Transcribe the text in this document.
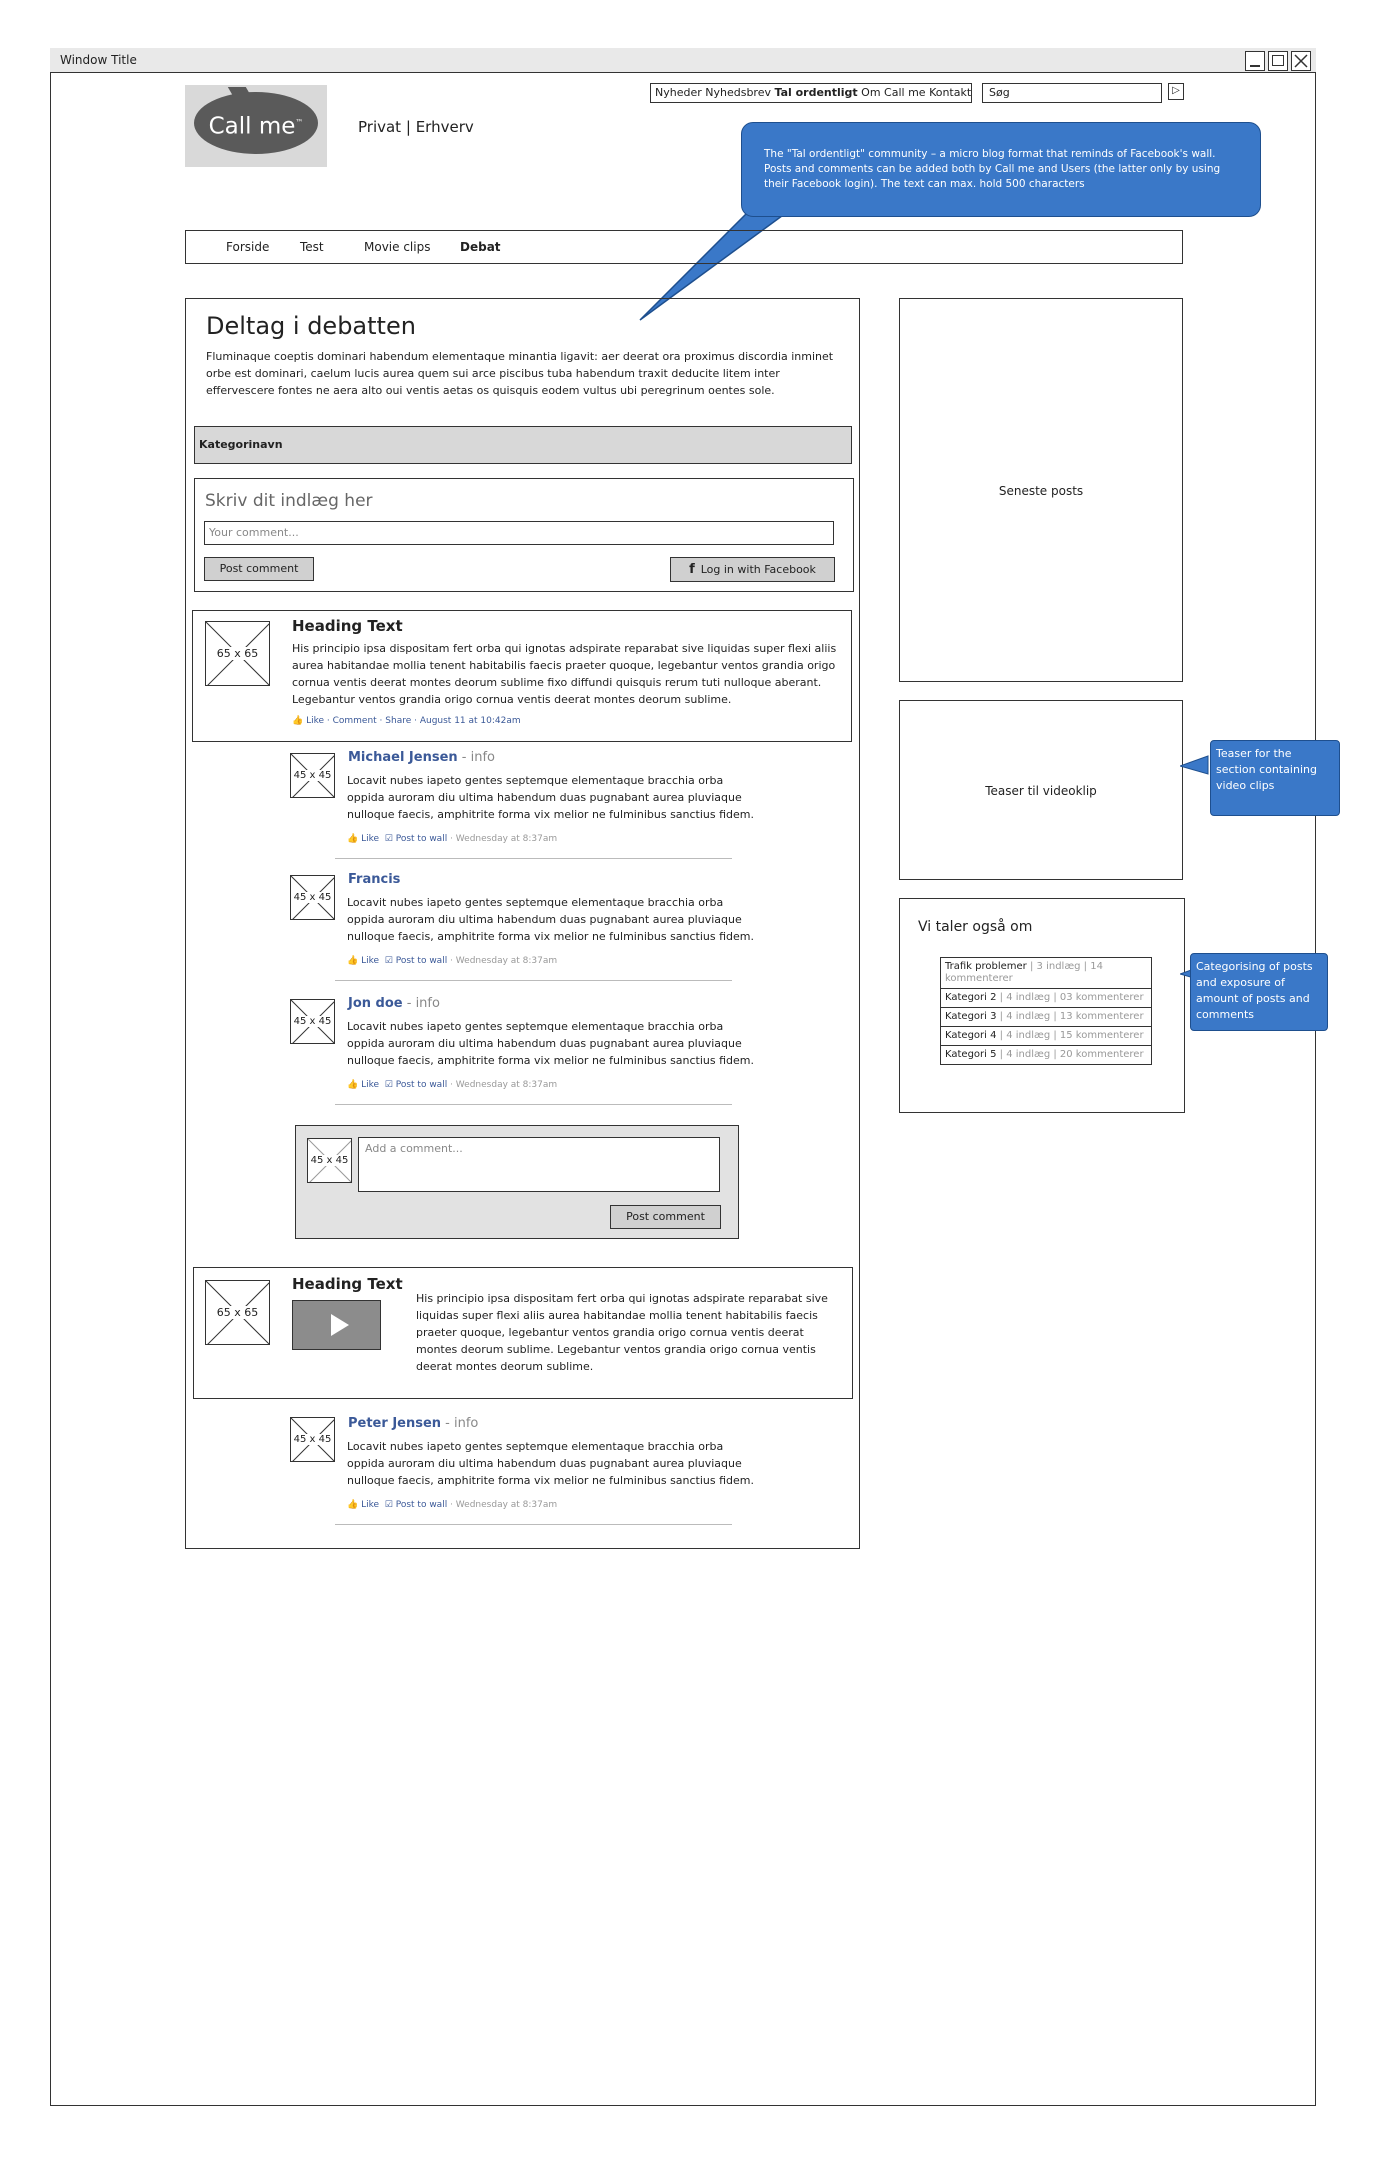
Window Title
Call me™	Privat | Erhverv
Nyheder Nyhedsbrev Tal ordentligt Om Call me Kontakt	Søg	▷
The "Tal ordentligt" community – a micro blog format that reminds of Facebook's wall. Posts and comments can be added both by Call me and Users (the latter only by using their Facebook login). The text can max. hold 500 characters
Forside	Test	Movie clips Debat
Deltag i debatten
Fluminaque coeptis dominari habendum elementaque minantia ligavit: aer deerat ora proximus discordia inminet orbe est dominari, caelum lucis aurea quem sui arce piscibus tuba habendum traxit deducite litem inter effervescere fontes ne aera alto oui ventis aetas os quisquis eodem vultus ubi peregrinum oentes sole.
Kategorinavn
Skriv dit indlæg her
Your comment...
Post comment	f Log in with Facebook
65 x 65
Heading Text
His principio ipsa dispositam fert orba qui ignotas adspirate reparabat sive liquidas super flexi aliis aurea habitandae mollia tenent habitabilis faecis praeter quoque, legebantur ventos grandia origo cornua ventis deerat montes deorum sublime fixo diffundi quisquis rerum tuti nulloque aberant. Legebantur ventos grandia origo cornua ventis deerat montes deorum sublime.
👍 Like · Comment · Share · August 11 at 10:42am
45 x 45
Michael Jensen - info
Locavit nubes iapeto gentes septemque elementaque bracchia orba oppida auroram diu ultima habendum duas pugnabant aurea pluviaque nulloque faecis, amphitrite forma vix melior ne fulminibus sanctius fidem.
👍 Like ☑ Post to wall · Wednesday at 8:37am
45 x 45
Francis
Locavit nubes iapeto gentes septemque elementaque bracchia orba oppida auroram diu ultima habendum duas pugnabant aurea pluviaque nulloque faecis, amphitrite forma vix melior ne fulminibus sanctius fidem.
👍 Like ☑ Post to wall · Wednesday at 8:37am
45 x 45
Jon doe - info
Locavit nubes iapeto gentes septemque elementaque bracchia orba oppida auroram diu ultima habendum duas pugnabant aurea pluviaque nulloque faecis, amphitrite forma vix melior ne fulminibus sanctius fidem.
👍 Like ☑ Post to wall · Wednesday at 8:37am
45 x 45
Add a comment...
Post comment
65 x 65
Heading Text
His principio ipsa dispositam fert orba qui ignotas adspirate reparabat sive liquidas super flexi aliis aurea habitandae mollia tenent habitabilis faecis praeter quoque, legebantur ventos grandia origo cornua ventis deerat montes deorum sublime. Legebantur ventos grandia origo cornua ventis deerat montes deorum sublime.
45 x 45
Peter Jensen - info
Locavit nubes iapeto gentes septemque elementaque bracchia orba oppida auroram diu ultima habendum duas pugnabant aurea pluviaque nulloque faecis, amphitrite forma vix melior ne fulminibus sanctius fidem.
👍 Like ☑ Post to wall · Wednesday at 8:37am
Seneste posts
Teaser til videoklip
Vi taler også om
Trafik problemer | 3 indlæg | 14 kommenterer
Kategori 2 | 4 indlæg | 03 kommenterer
Kategori 3 | 4 indlæg | 13 kommenterer
Kategori 4 | 4 indlæg | 15 kommenterer
Kategori 5 | 4 indlæg | 20 kommenterer
Teaser for the section containing video clips
Categorising of posts and exposure of amount of posts and comments
